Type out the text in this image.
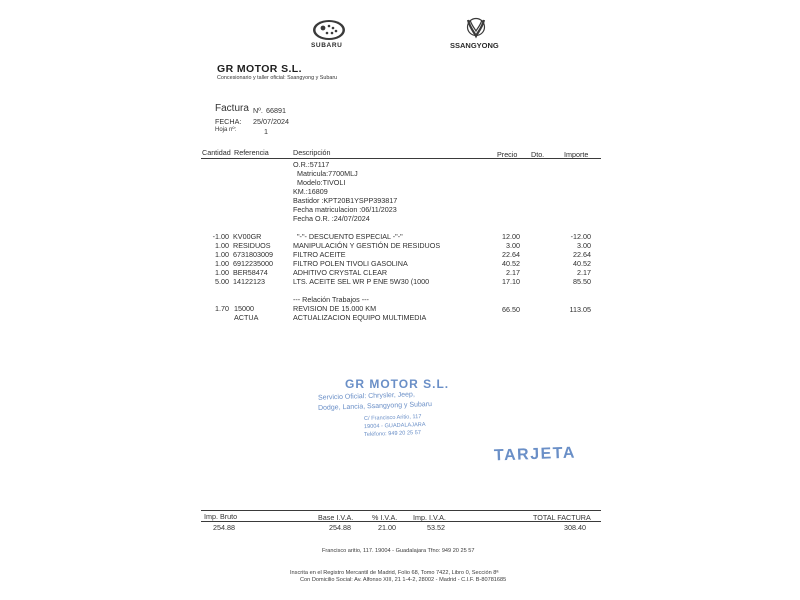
SUBARU	SSANGYONG
GR MOTOR S.L.
Concesionario y taller oficial: Ssangyong y Subaru
Factura Nº. 66891
FECHA: 25/07/2024
Hoja nº:	1
Cantidad Referencia	Descripción	Precio Dto.	Importe
O.R.:57117
Matricula:7700MLJ
Modelo:TIVOLI
KM.:16809
Bastidor :KPT20B1YSPP393817
Fecha matriculacion :06/11/2023
Fecha O.R. :24/07/2024
-1.00 KV00GR	"-"- DESCUENTO ESPECIAL -"-"	12.00	-12.00
1.00 RESIDUOS	MANIPULACIÓN Y GESTIÓN DE RESIDUOS	3.00	3.00
1.00 6731803009	FILTRO ACEITE	22.64	22.64
1.00 6912235000	FILTRO POLEN TIVOLI GASOLINA	40.52	40.52
1.00 BER58474	ADHITIVO CRYSTAL CLEAR	2.17	2.17
5.00 14122123	LTS. ACEITE SEL WR P ENE 5W30 (1000	17.10	85.50
--- Relación Trabajos ---
1.70 15000	REVISION DE 15.000 KM	66.50	113.05
ACTUA	ACTUALIZACION EQUIPO MULTIMEDIA
GR MOTOR S.L.
Servicio Oficial: Chrysler, Jeep,
Dodge, Lancia, Ssangyong y Subaru
C/ Francisco Aritio, 117
19004 - GUADALAJARA
Teléfono: 949 20 25 57
TARJETA
Imp. Bruto	Base I.V.A.	% I.V.A. Imp. I.V.A.	TOTAL FACTURA
254.88	254.88	21.00	53.52	308.40
Francisco aritio, 117. 19004 - Guadalajara Tfno: 949 20 25 57
Inscrita en el Registro Mercantil de Madrid, Folio 68, Tomo 7422, Libro 0, Sección 8ª
Con Domicilio Social: Av. Alfonso XIII, 21 1-4-2, 28002 - Madrid - C.I.F. B-80781685
